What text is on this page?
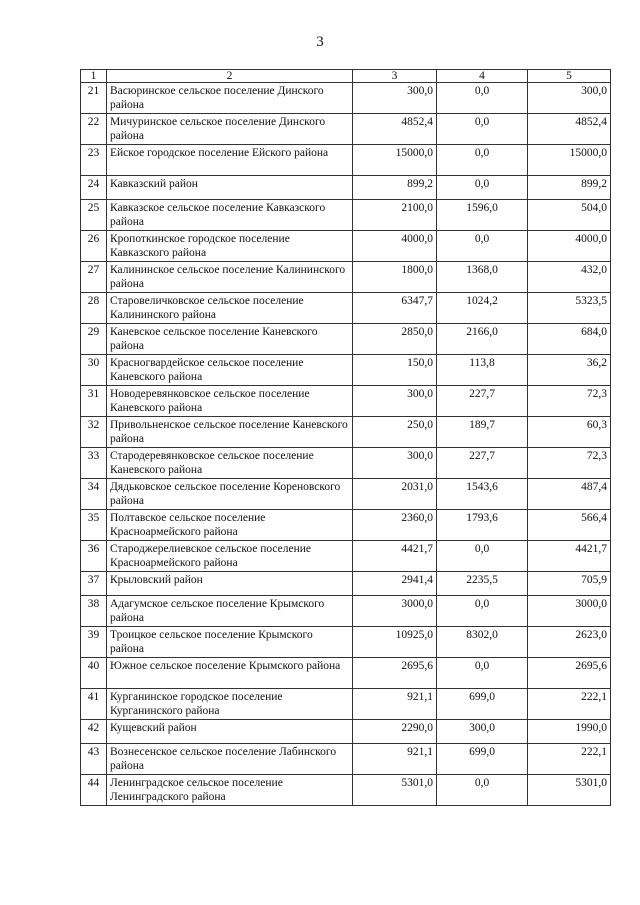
3
1	2	3	4	5
21	Васюринское сельское поселение Динского района	300,0	0,0	300,0
22	Мичуринское сельское поселение Динского района	4852,4	0,0	4852,4
23	Ейское городское поселение Ейского района	15000,0	0,0	15000,0
24	Кавказский район	899,2	0,0	899,2
25	Кавказское сельское поселение Кавказского района	2100,0	1596,0	504,0
26	Кропоткинское городское поселение Кавказского района	4000,0	0,0	4000,0
27	Калининское сельское поселение Калининского района	1800,0	1368,0	432,0
28	Старовеличковское сельское поселение Калининского района	6347,7	1024,2	5323,5
29	Каневское сельское поселение Каневского района	2850,0	2166,0	684,0
30	Красногвардейское сельское поселение Каневского района	150,0	113,8	36,2
31	Новодеревянковское сельское поселение Каневского района	300,0	227,7	72,3
32	Привольненское сельское поселение Каневского района	250,0	189,7	60,3
33	Стародеревянковское сельское поселение Каневского района	300,0	227,7	72,3
34	Дядьковское сельское поселение Кореновского района	2031,0	1543,6	487,4
35	Полтавское сельское поселение Красноармейского района	2360,0	1793,6	566,4
36	Староджерелиевское сельское поселение Красноармейского района	4421,7	0,0	4421,7
37	Крыловский район	2941,4	2235,5	705,9
38	Адагумское сельское поселение Крымского района	3000,0	0,0	3000,0
39	Троицкое сельское поселение Крымского района	10925,0	8302,0	2623,0
40	Южное сельское поселение Крымского района	2695,6	0,0	2695,6
41	Курганинское городское поселение Курганинского района	921,1	699,0	222,1
42	Кущевский район	2290,0	300,0	1990,0
43	Вознесенское сельское поселение Лабинского района	921,1	699,0	222,1
44	Ленинградское сельское поселение Ленинградского района	5301,0	0,0	5301,0
